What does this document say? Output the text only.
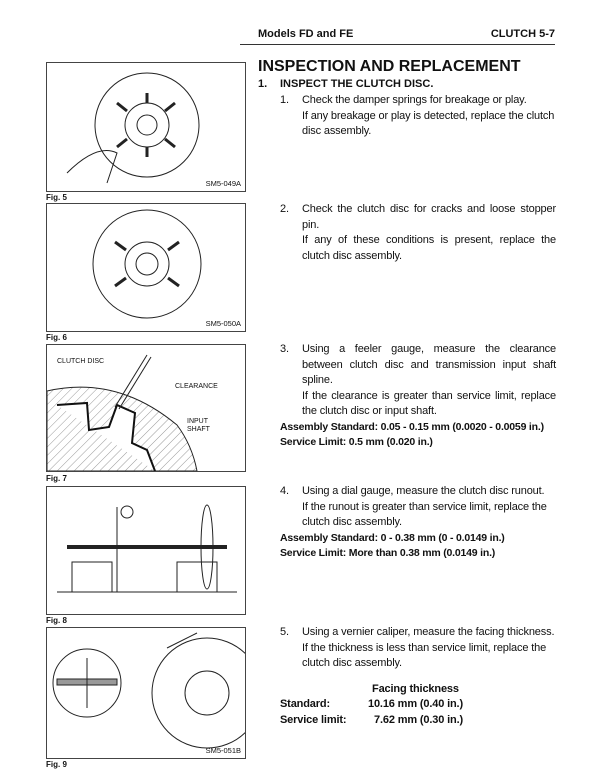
Models FD and FE	CLUTCH 5-7
SM5-049A
Fig. 5
SM5-050A
Fig. 6
CLUTCH DISC
CLEARANCE
INPUT
SHAFT
Fig. 7
Fig. 8
SM5-051B
Fig. 9
INSPECTION AND REPLACEMENT
1.	INSPECT THE CLUTCH DISC.
1.	Check the damper springs for breakage or play.
If any breakage or play is detected, replace the clutch disc assembly.
2.	Check the clutch disc for cracks and loose stopper pin.
If any of these conditions is present, replace the clutch disc assembly.
3.	Using a feeler gauge, measure the clearance between clutch disc and transmission input shaft spline.
If the clearance is greater than service limit, replace the clutch disc or input shaft.
Assembly Standard: 0.05 - 0.15 mm (0.0020 - 0.0059 in.)
Service Limit: 0.5 mm (0.020 in.)
4.	Using a dial gauge, measure the clutch disc runout.
If the runout is greater than service limit, replace the clutch disc assembly.
Assembly Standard: 0 - 0.38 mm (0 - 0.0149 in.)
Service Limit: More than 0.38 mm (0.0149 in.)
5.	Using a vernier caliper, measure the facing thickness.
If the thickness is less than service limit, replace the clutch disc assembly.
Facing thickness
Standard:	10.16 mm (0.40 in.)
Service limit:	7.62 mm (0.30 in.)
